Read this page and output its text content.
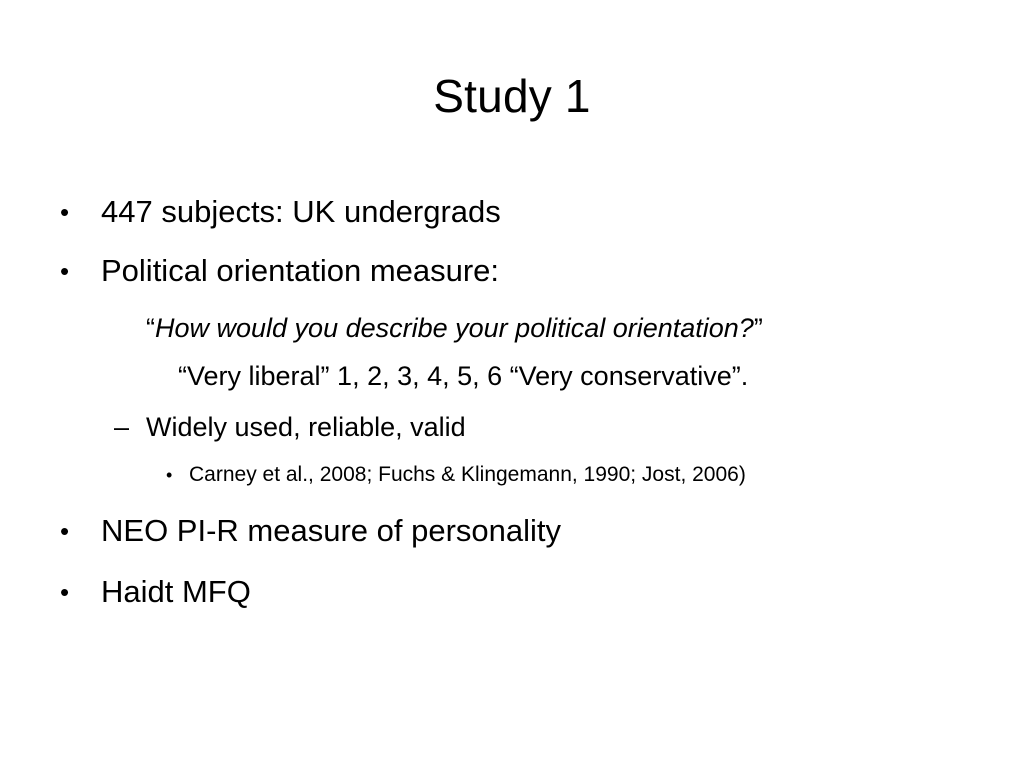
Study 1
•	447 subjects: UK undergrads
•	Political orientation measure:
“How would you describe your political orientation?”
“Very liberal” 1, 2, 3, 4, 5, 6 “Very conservative”.
– Widely used, reliable, valid
• Carney et al., 2008; Fuchs & Klingemann, 1990; Jost, 2006)
•	NEO PI-R measure of personality
•	Haidt MFQ
